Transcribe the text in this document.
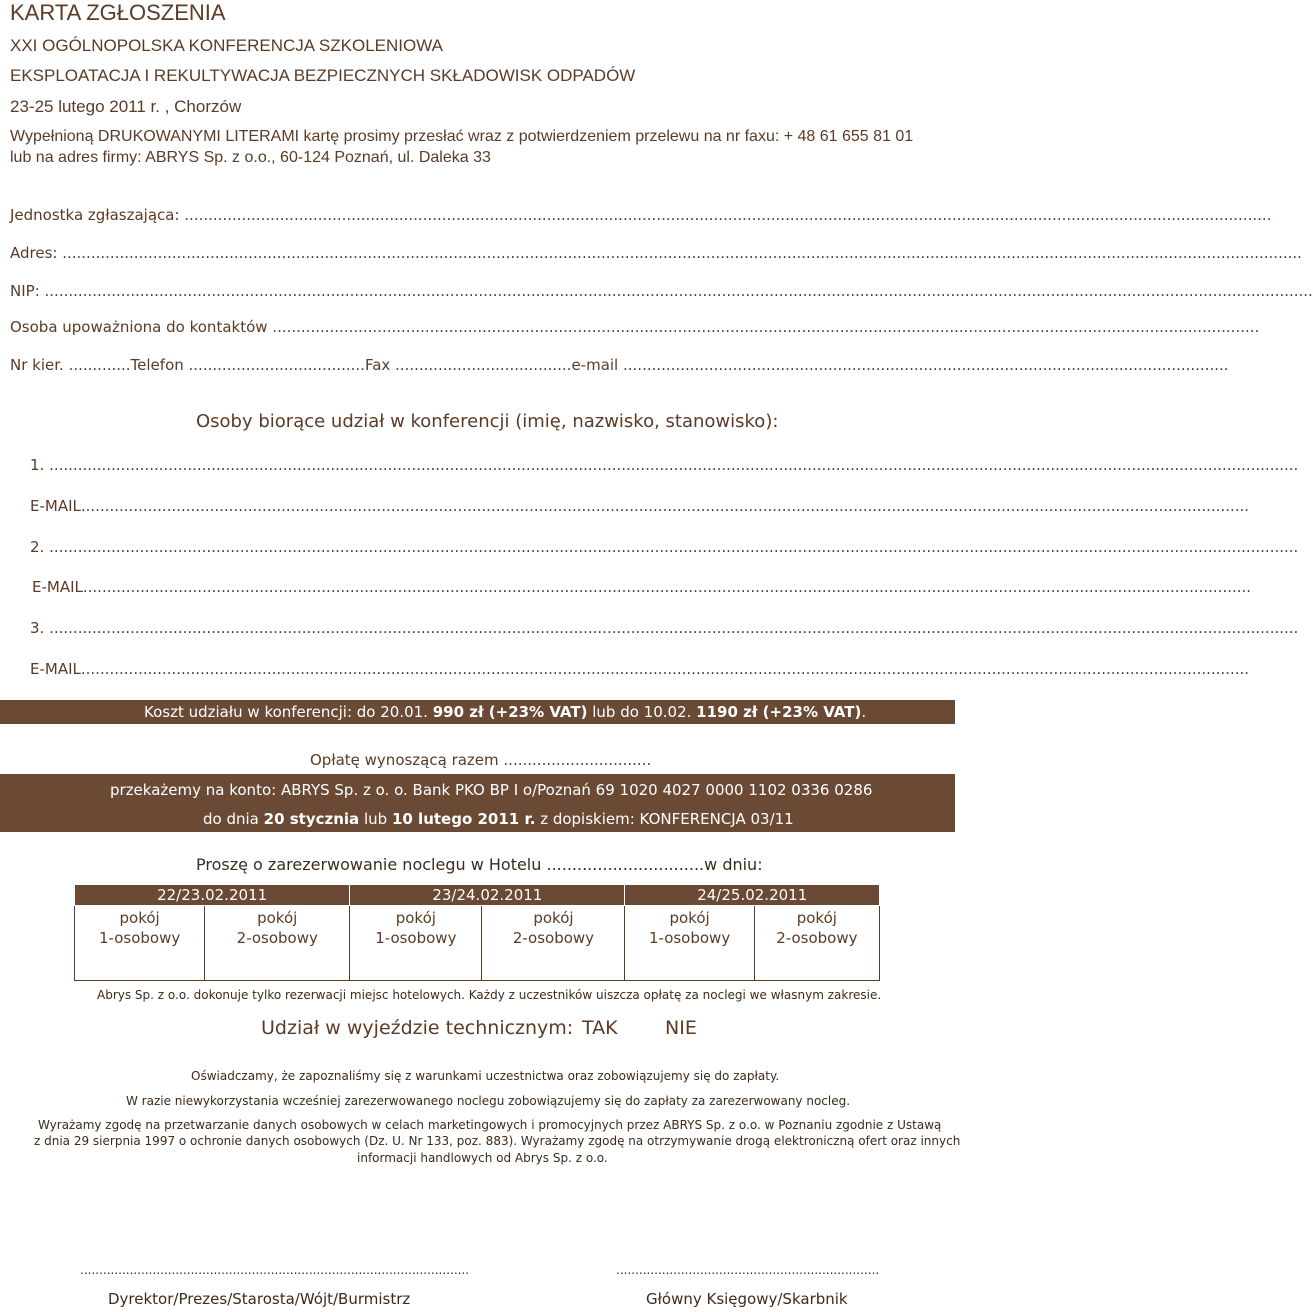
KARTA ZGŁOSZENIA
XXI OGÓLNOPOLSKA KONFERENCJA SZKOLENIOWA
EKSPLOATACJA I REKULTYWACJA BEZPIECZNYCH SKŁADOWISK ODPADÓW
23-25 lutego 2011 r. , Chorzów
Wypełnioną DRUKOWANYMI LITERAMI kartę prosimy przesłać wraz z potwierdzeniem przelewu na nr faxu: + 48 61 655 81 01
lub na adres firmy: ABRYS Sp. z o.o., 60-124 Poznań, ul. Daleka 33
Jednostka zgłaszająca: ....................................................................................................................................................................................................................................
Adres: ....................................................................................................................................................................................................................................................................
NIP: ..........................................................................................................................................................................................................................................................................
Osoba upoważniona do kontaktów ...............................................................................................................................................................................................................
Nr kier. .............Telefon .....................................Fax .....................................e-mail ...............................................................................................................................
Osoby biorące udział w konferencji (imię, nazwisko, stanowisko):
1. ......................................................................................................................................................................................................................................................................
E-MAIL.....................................................................................................................................................................................................................................................
2. ......................................................................................................................................................................................................................................................................
E-MAIL.....................................................................................................................................................................................................................................................
3. ......................................................................................................................................................................................................................................................................
E-MAIL.....................................................................................................................................................................................................................................................
Koszt udziału w konferencji: do 20.01. 990 zł (+23% VAT) lub do 10.02. 1190 zł (+23% VAT).
Opłatę wynoszącą razem ...............................
przekażemy na konto: ABRYS Sp. z o. o. Bank PKO BP I o/Poznań 69 1020 4027 0000 1102 0336 0286
do dnia 20 stycznia lub 10 lutego 2011 r. z dopiskiem: KONFERENCJA 03/11
Proszę o zarezerwowanie noclegu w Hotelu ...............................w dniu:
22/23.02.2011		23/24.02.2011		24/25.02.2011	
pokój
1-osobowy	pokój
2-osobowy	pokój
1-osobowy	pokój
2-osobowy	pokój
1-osobowy	pokój
2-osobowy
Abrys Sp. z o.o. dokonuje tylko rezerwacji miejsc hotelowych. Każdy z uczestników uiszcza opłatę za noclegi we własnym zakresie.
Udział w wyjeździe technicznym: TAK NIE
Oświadczamy, że zapoznaliśmy się z warunkami uczestnictwa oraz zobowiązujemy się do zapłaty.
W razie niewykorzystania wcześniej zarezerwowanego noclegu zobowiązujemy się do zapłaty za zarezerwowany nocleg.
Wyrażamy zgodę na przetwarzanie danych osobowych w celach marketingowych i promocyjnych przez ABRYS Sp. z o.o. w Poznaniu zgodnie z Ustawą
z dnia 29 sierpnia 1997 o ochronie danych osobowych (Dz. U. Nr 133, poz. 883). Wyrażamy zgodę na otrzymywanie drogą elektroniczną ofert oraz innych
informacji handlowych od Abrys Sp. z o.o.
......................................................................................................	.....................................................................
Dyrektor/Prezes/Starosta/Wójt/Burmistrz	Główny Księgowy/Skarbnik
